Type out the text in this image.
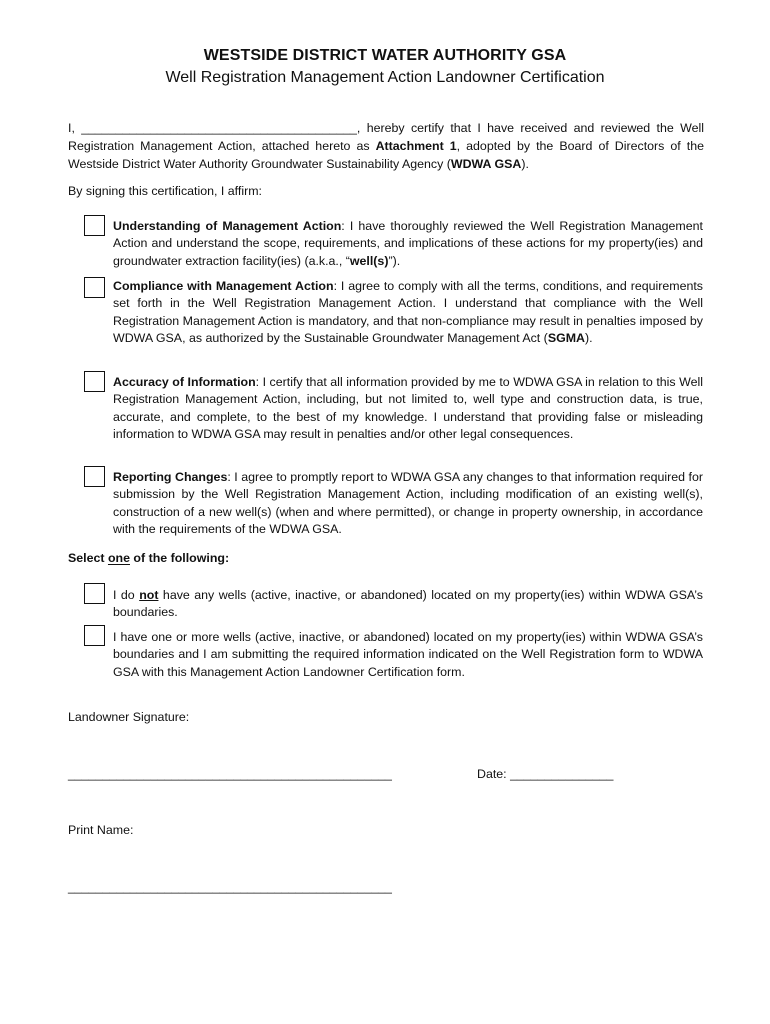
WESTSIDE DISTRICT WATER AUTHORITY GSA
Well Registration Management Action Landowner Certification
I, ________________________________________, hereby certify that I have received and reviewed the Well Registration Management Action, attached hereto as Attachment 1, adopted by the Board of Directors of the Westside District Water Authority Groundwater Sustainability Agency (WDWA GSA).
By signing this certification, I affirm:
Understanding of Management Action: I have thoroughly reviewed the Well Registration Management Action and understand the scope, requirements, and implications of these actions for my property(ies) and groundwater extraction facility(ies) (a.k.a., “well(s)”).
Compliance with Management Action: I agree to comply with all the terms, conditions, and requirements set forth in the Well Registration Management Action. I understand that compliance with the Well Registration Management Action is mandatory, and that non-compliance may result in penalties imposed by WDWA GSA, as authorized by the Sustainable Groundwater Management Act (SGMA).
Accuracy of Information: I certify that all information provided by me to WDWA GSA in relation to this Well Registration Management Action, including, but not limited to, well type and construction data, is true, accurate, and complete, to the best of my knowledge. I understand that providing false or misleading information to WDWA GSA may result in penalties and/or other legal consequences.
Reporting Changes: I agree to promptly report to WDWA GSA any changes to that information required for submission by the Well Registration Management Action, including modification of an existing well(s), construction of a new well(s) (when and where permitted), or change in property ownership, in accordance with the requirements of the WDWA GSA.
Select one of the following:
I do not have any wells (active, inactive, or abandoned) located on my property(ies) within WDWA GSA’s boundaries.
I have one or more wells (active, inactive, or abandoned) located on my property(ies) within WDWA GSA’s boundaries and I am submitting the required information indicated on the Well Registration form to WDWA GSA with this Management Action Landowner Certification form.
Landowner Signature:
_______________________________________________	Date: _______________
Print Name:
_______________________________________________
